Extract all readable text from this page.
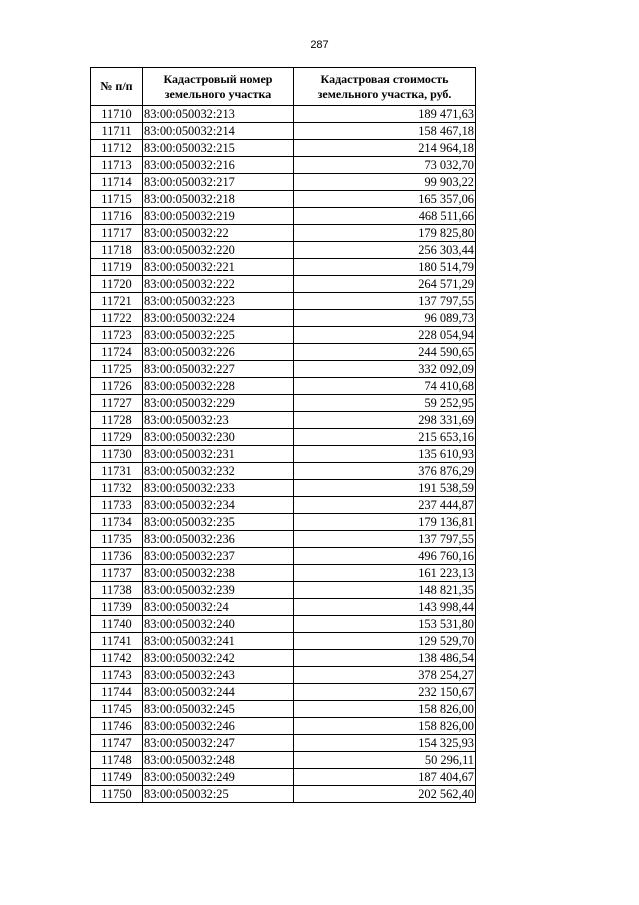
287
№ п/п	Кадастровый номер земельного участка	Кадастровая стоимость земельного участка, руб.
11710	83:00:050032:213	189 471,63
11711	83:00:050032:214	158 467,18
11712	83:00:050032:215	214 964,18
11713	83:00:050032:216	73 032,70
11714	83:00:050032:217	99 903,22
11715	83:00:050032:218	165 357,06
11716	83:00:050032:219	468 511,66
11717	83:00:050032:22	179 825,80
11718	83:00:050032:220	256 303,44
11719	83:00:050032:221	180 514,79
11720	83:00:050032:222	264 571,29
11721	83:00:050032:223	137 797,55
11722	83:00:050032:224	96 089,73
11723	83:00:050032:225	228 054,94
11724	83:00:050032:226	244 590,65
11725	83:00:050032:227	332 092,09
11726	83:00:050032:228	74 410,68
11727	83:00:050032:229	59 252,95
11728	83:00:050032:23	298 331,69
11729	83:00:050032:230	215 653,16
11730	83:00:050032:231	135 610,93
11731	83:00:050032:232	376 876,29
11732	83:00:050032:233	191 538,59
11733	83:00:050032:234	237 444,87
11734	83:00:050032:235	179 136,81
11735	83:00:050032:236	137 797,55
11736	83:00:050032:237	496 760,16
11737	83:00:050032:238	161 223,13
11738	83:00:050032:239	148 821,35
11739	83:00:050032:24	143 998,44
11740	83:00:050032:240	153 531,80
11741	83:00:050032:241	129 529,70
11742	83:00:050032:242	138 486,54
11743	83:00:050032:243	378 254,27
11744	83:00:050032:244	232 150,67
11745	83:00:050032:245	158 826,00
11746	83:00:050032:246	158 826,00
11747	83:00:050032:247	154 325,93
11748	83:00:050032:248	50 296,11
11749	83:00:050032:249	187 404,67
11750	83:00:050032:25	202 562,40
